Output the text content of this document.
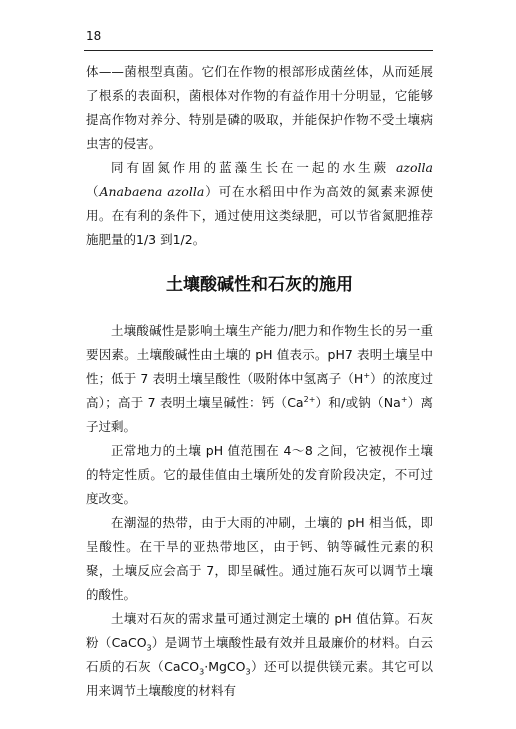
18

体——菌根型真菌。它们在作物的根部形成菌丝体，从而延展了根系的表面积，菌根体对作物的有益作用十分明显，它能够提高作物对养分、特别是磷的吸取，并能保护作物不受土壤病虫害的侵害。

同有固氮作用的蓝藻生长在一起的水生蕨 azolla（Anabaena azolla）可在水稻田中作为高效的氮素来源使用。在有利的条件下，通过使用这类绿肥，可以节省氮肥推荐施肥量的1/3 到1/2。

土壤酸碱性和石灰的施用

土壤酸碱性是影响土壤生产能力/肥力和作物生长的另一重要因素。土壤酸碱性由土壤的 pH 值表示。pH7 表明土壤呈中性；低于 7 表明土壤呈酸性（吸附体中氢离子（H+）的浓度过高）；高于 7 表明土壤呈碱性：钙$(Ca^{2+})$和/或钠（Na+）离子过剩。

正常地力的土壤 pH 值范围在 4～8 之间，它被视作土壤的特定性质。它的最佳值由土壤所处的发育阶段决定，不可过度改变。

在潮湿的热带，由于大雨的冲刷，土壤的 pH 相当低，即呈酸性。在干旱的亚热带地区，由于钙、钠等碱性元素的积聚，土壤反应会高于 7，即呈碱性。通过施石灰可以调节土壤的酸性。

土壤对石灰的需求量可通过测定土壤的 pH 值估算。石灰粉（CaCO$_3$）是调节土壤酸性最有效并且最廉价的材料。白云石质的石灰（CaCO$_3$·MgCO$_3$）还可以提供镁元素。其它可以用来调节土壤酸度的材料有
